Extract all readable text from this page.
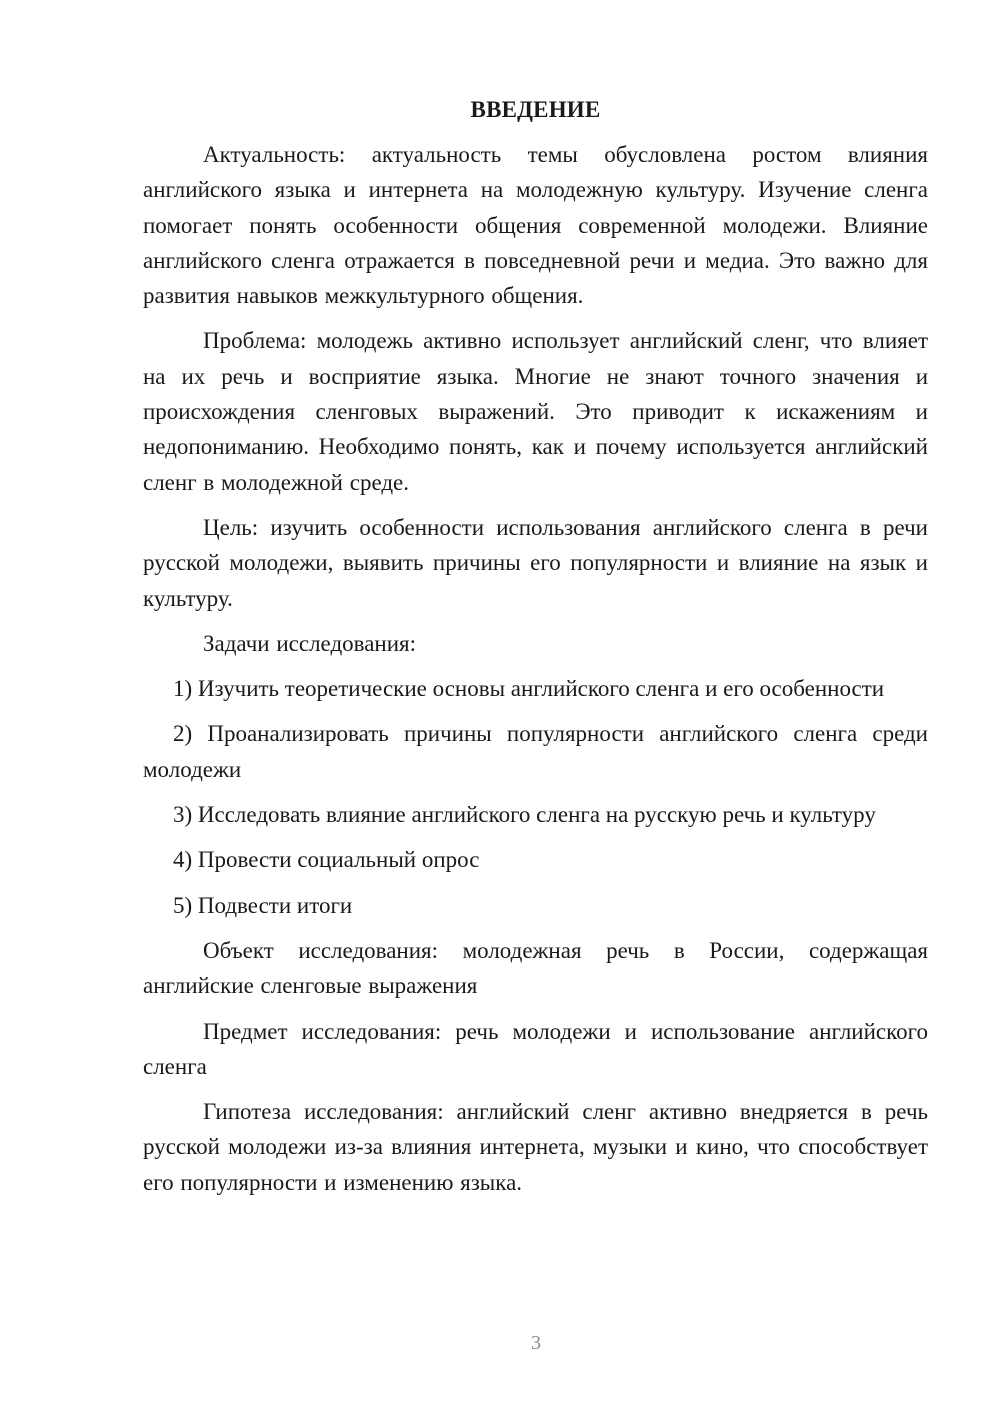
ВВЕДЕНИЕ

Актуальность: актуальность темы обусловлена ростом влияния английского языка и интернета на молодежную культуру. Изучение сленга помогает понять особенности общения современной молодежи. Влияние английского сленга отражается в повседневной речи и медиа. Это важно для развития навыков межкультурного общения.

Проблема: молодежь активно использует английский сленг, что влияет на их речь и восприятие языка. Многие не знают точного значения и происхождения сленговых выражений. Это приводит к искажениям и недопониманию. Необходимо понять, как и почему используется английский сленг в молодежной среде.

Цель: изучить особенности использования английского сленга в речи русской молодежи, выявить причины его популярности и влияние на язык и культуру.

Задачи исследования:

1) Изучить теоретические основы английского сленга и его особенности

2) Проанализировать причины популярности английского сленга среди молодежи

3) Исследовать влияние английского сленга на русскую речь и культуру

4) Провести социальный опрос

5) Подвести итоги

Объект исследования: молодежная речь в России, содержащая английские сленговые выражения

Предмет исследования: речь молодежи и использование английского сленга

Гипотеза исследования: английский сленг активно внедряется в речь русской молодежи из-за влияния интернета, музыки и кино, что способствует его популярности и изменению языка.

3
